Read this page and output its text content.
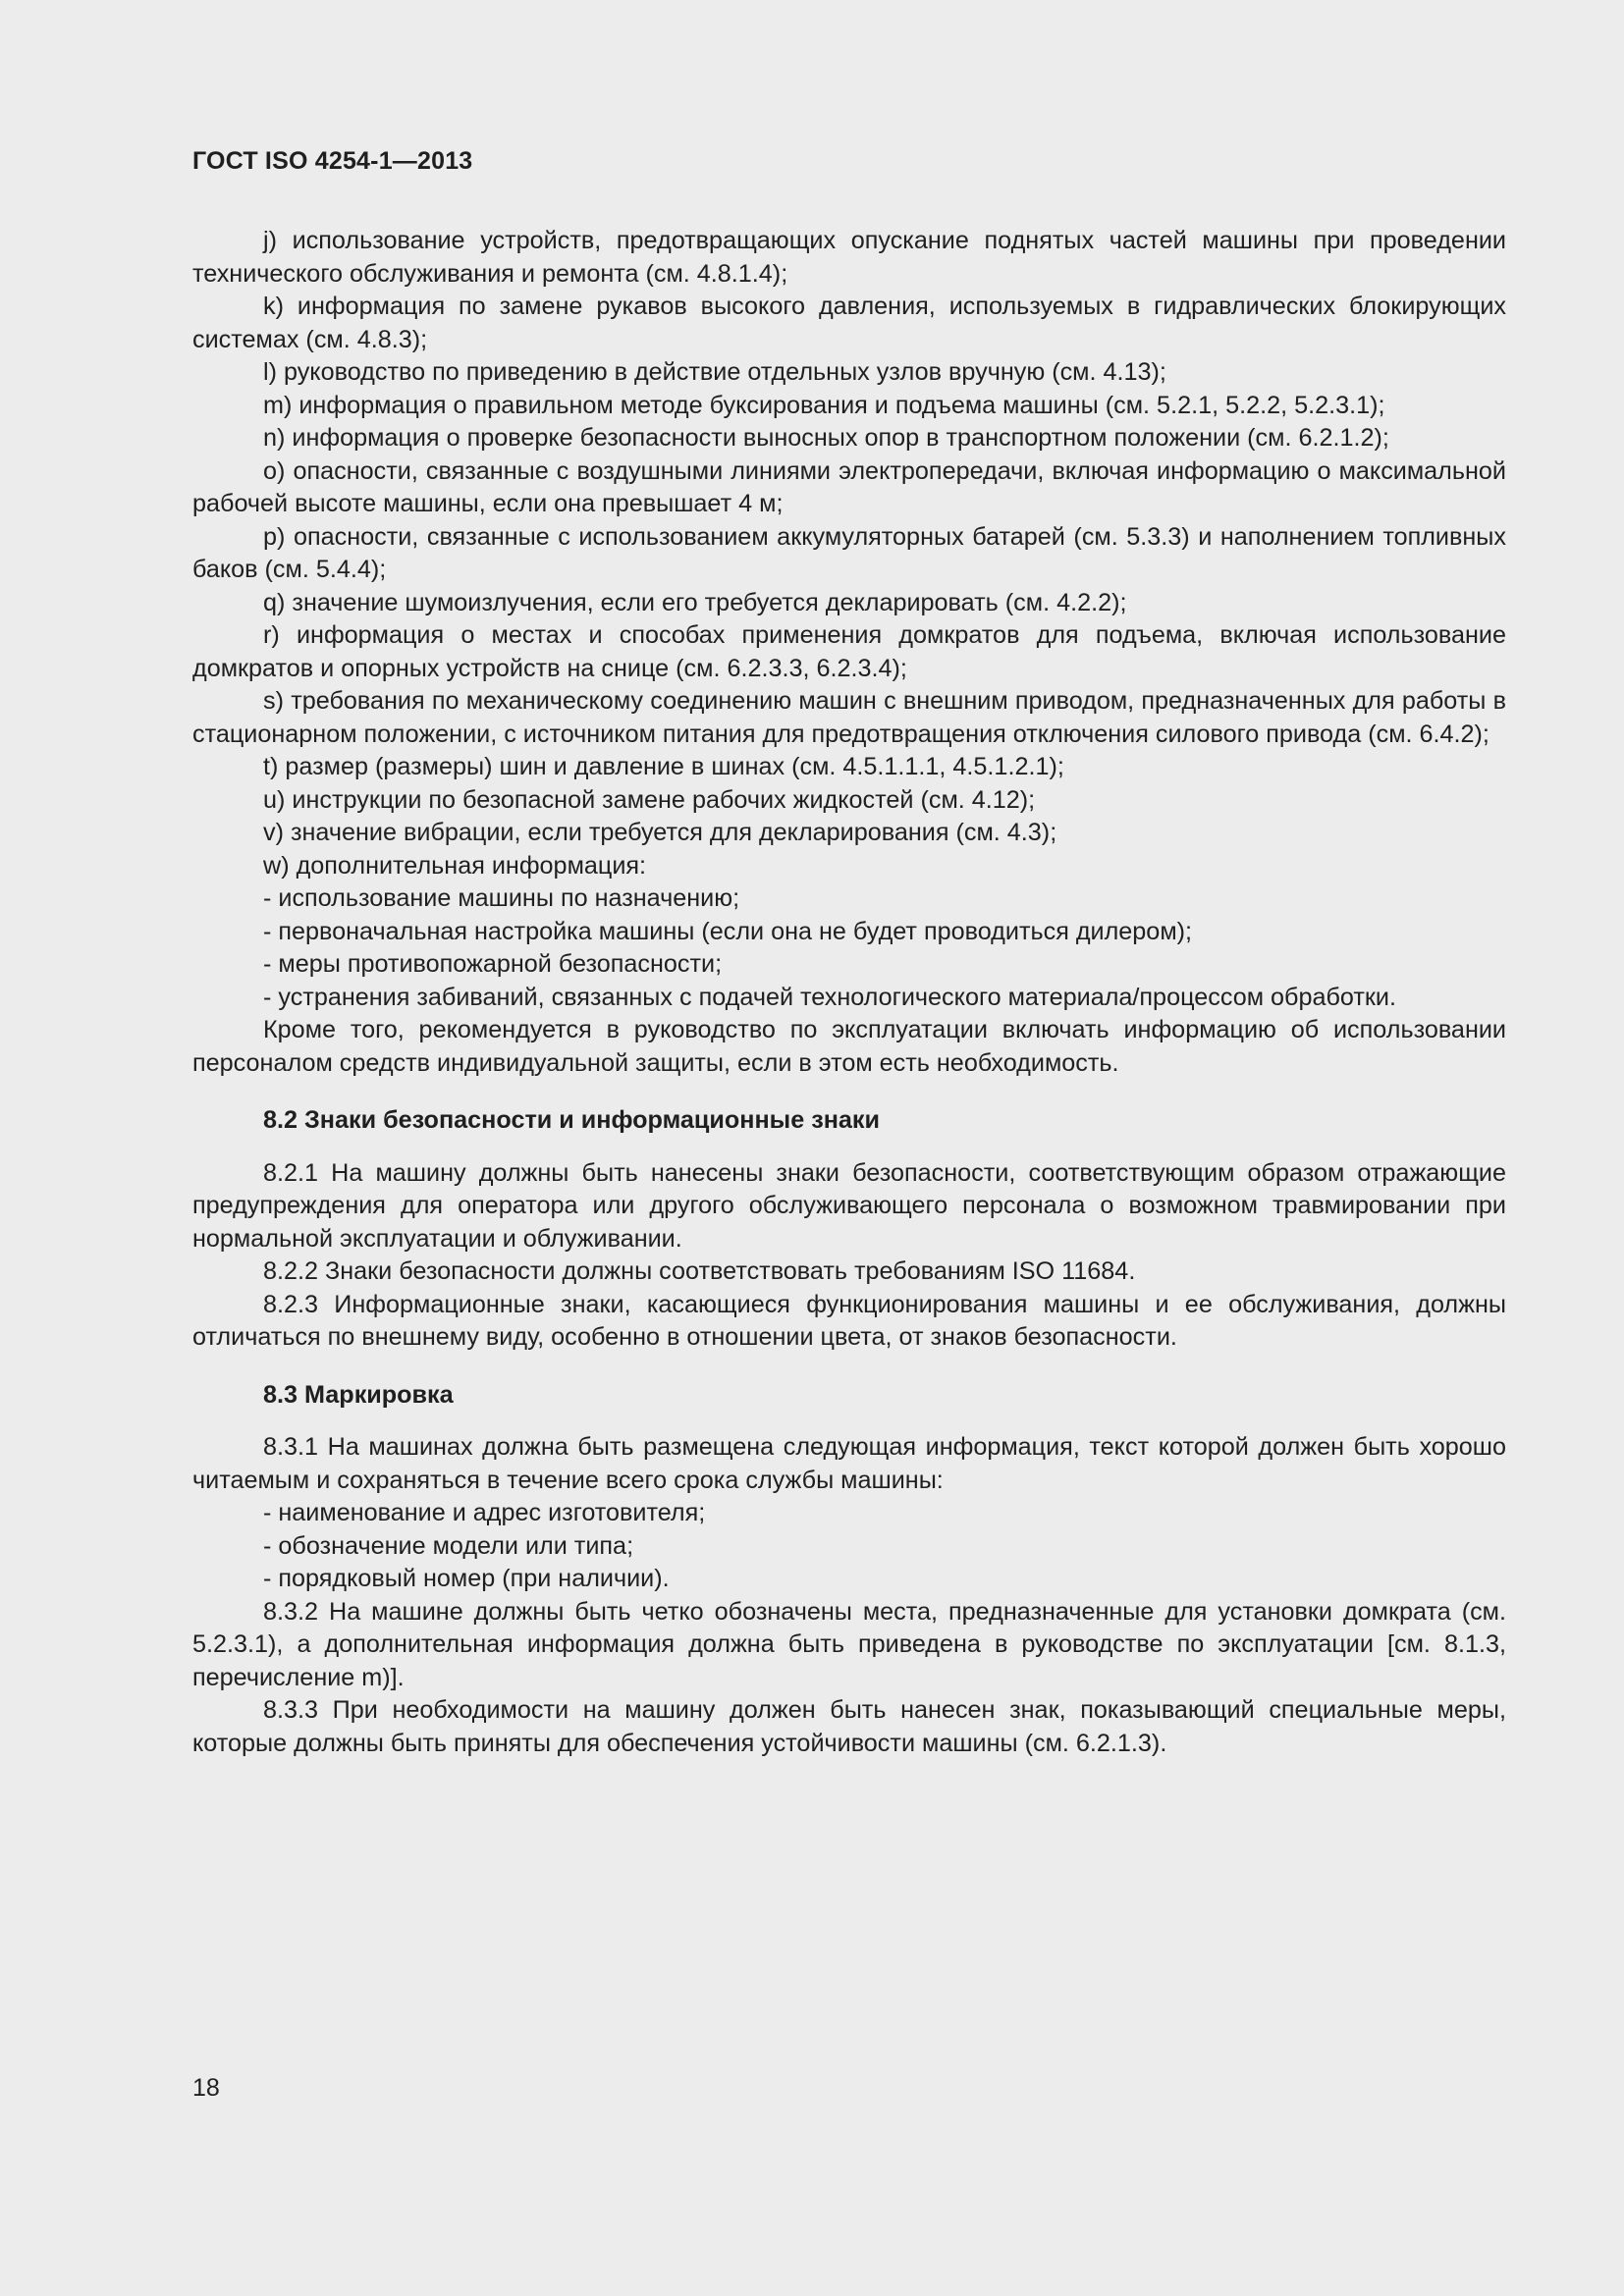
ГОСТ ISO 4254-1—2013

j) использование устройств, предотвращающих опускание поднятых частей машины при проведении технического обслуживания и ремонта (см. 4.8.1.4);

k) информация по замене рукавов высокого давления, используемых в гидравлических блокирующих системах (см. 4.8.3);

l) руководство по приведению в действие отдельных узлов вручную (см. 4.13);

m) информация о правильном методе буксирования и подъема машины (см. 5.2.1, 5.2.2, 5.2.3.1);

n) информация о проверке безопасности выносных опор в транспортном положении (см. 6.2.1.2);

o) опасности, связанные с воздушными линиями электропередачи, включая информацию о максимальной рабочей высоте машины, если она превышает 4 м;

p) опасности, связанные с использованием аккумуляторных батарей (см. 5.3.3) и наполнением топливных баков (см. 5.4.4);

q) значение шумоизлучения, если его требуется декларировать (см. 4.2.2);

r) информация о местах и способах применения домкратов для подъема, включая использование домкратов и опорных устройств на снице (см. 6.2.3.3, 6.2.3.4);

s) требования по механическому соединению машин с внешним приводом, предназначенных для работы в стационарном положении, с источником питания для предотвращения отключения силового привода (см. 6.4.2);

t) размер (размеры) шин и давление в шинах (см. 4.5.1.1.1, 4.5.1.2.1);

u) инструкции по безопасной замене рабочих жидкостей (см. 4.12);

v) значение вибрации, если требуется для декларирования (см. 4.3);

w) дополнительная информация:

- использование машины по назначению;

- первоначальная настройка машины (если она не будет проводиться дилером);

- меры противопожарной безопасности;

- устранения забиваний, связанных с подачей технологического материала/процессом обработки.

Кроме того, рекомендуется в руководство по эксплуатации включать информацию об использовании персоналом средств индивидуальной защиты, если в этом есть необходимость.

8.2 Знаки безопасности и информационные знаки

8.2.1 На машину должны быть нанесены знаки безопасности, соответствующим образом отражающие предупреждения для оператора или другого обслуживающего персонала о возможном травмировании при нормальной эксплуатации и облуживании.

8.2.2 Знаки безопасности должны соответствовать требованиям ISO 11684.

8.2.3 Информационные знаки, касающиеся функционирования машины и ее обслуживания, должны отличаться по внешнему виду, особенно в отношении цвета, от знаков безопасности.

8.3 Маркировка

8.3.1 На машинах должна быть размещена следующая информация, текст которой должен быть хорошо читаемым и сохраняться в течение всего срока службы машины:

- наименование и адрес изготовителя;

- обозначение модели или типа;

- порядковый номер (при наличии).

8.3.2 На машине должны быть четко обозначены места, предназначенные для установки домкрата (см. 5.2.3.1), а дополнительная информация должна быть приведена в руководстве по эксплуатации [см. 8.1.3, перечисление m)].

8.3.3 При необходимости на машину должен быть нанесен знак, показывающий специальные меры, которые должны быть приняты для обеспечения устойчивости машины (см. 6.2.1.3).

18
